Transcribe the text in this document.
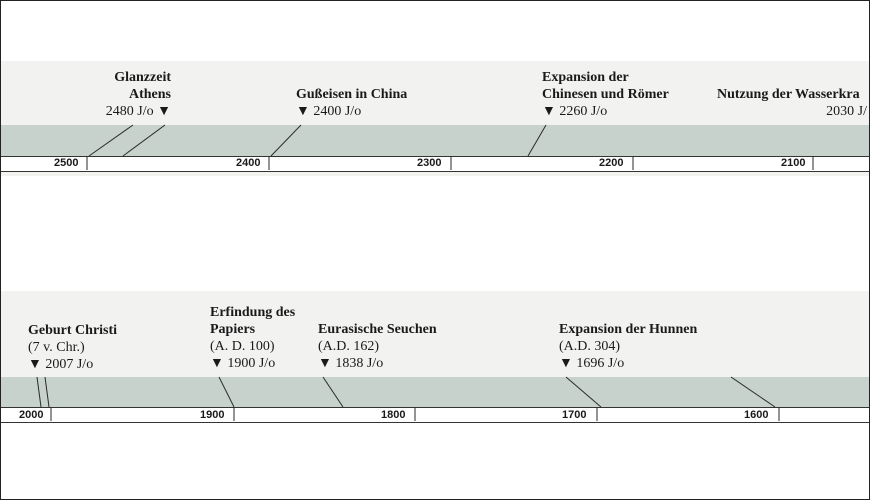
Glanzzeit
Athens
2480 J/o ▼
Gußeisen in China
▼ 2400 J/o
Expansion der
Chinesen und Römer
▼ 2260 J/o
Nutzung der Wasserkra
2030 J/
2500	2400	2300	2200	2100
Geburt Christi
(7 v. Chr.)
▼ 2007 J/o
Erfindung des
Papiers
(A. D. 100)
▼ 1900 J/o
Eurasische Seuchen
(A.D. 162)
▼ 1838 J/o
Expansion der Hunnen
(A.D. 304)
▼ 1696 J/o
2000	1900	1800	1700	1600
